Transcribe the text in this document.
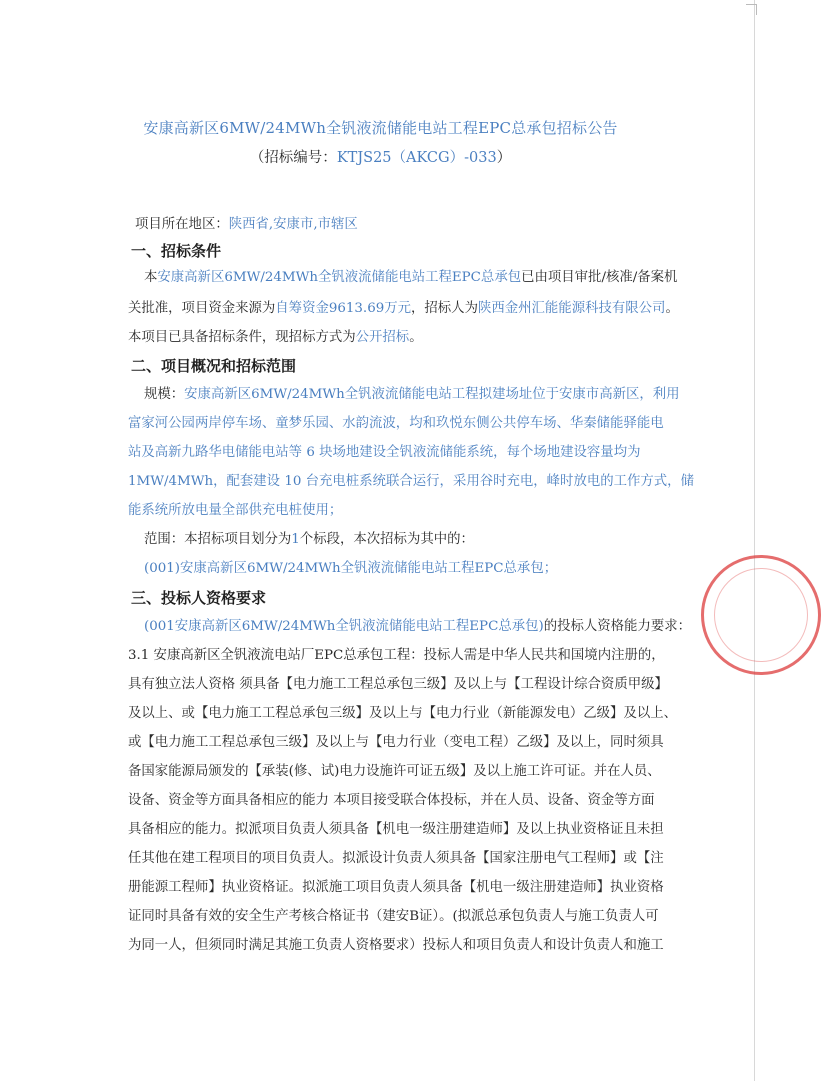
安康高新区6MW/24MWh全钒液流储能电站工程EPC总承包招标公告
（招标编号：KTJS25（AKCG）-033）
项目所在地区：陕西省,安康市,市辖区
一、招标条件
本安康高新区6MW/24MWh全钒液流储能电站工程EPC总承包已由项目审批/核准/备案机
关批准，项目资金来源为自筹资金9613.69万元，招标人为陕西金州汇能能源科技有限公司。
本项目已具备招标条件，现招标方式为公开招标。
二、项目概况和招标范围
规模：安康高新区6MW/24MWh全钒液流储能电站工程拟建场址位于安康市高新区，利用
富家河公园两岸停车场、童梦乐园、水韵流波，均和玖悦东侧公共停车场、华秦储能驿能电
站及高新九路华电储能电站等 6 块场地建设全钒液流储能系统，每个场地建设容量均为
1MW/4MWh，配套建设 10 台充电桩系统联合运行，采用谷时充电，峰时放电的工作方式，储
能系统所放电量全部供充电桩使用；
范围：本招标项目划分为1个标段，本次招标为其中的：
(001)安康高新区6MW/24MWh全钒液流储能电站工程EPC总承包；
三、投标人资格要求
(001安康高新区6MW/24MWh全钒液流储能电站工程EPC总承包)的投标人资格能力要求：
3.1 安康高新区全钒液流电站厂EPC总承包工程：投标人需是中华人民共和国境内注册的，
具有独立法人资格 须具备【电力施工工程总承包三级】及以上与【工程设计综合资质甲级】
及以上、或【电力施工工程总承包三级】及以上与【电力行业（新能源发电）乙级】及以上、
或【电力施工工程总承包三级】及以上与【电力行业（变电工程）乙级】及以上，同时须具
备国家能源局颁发的【承装(修、试)电力设施许可证五级】及以上施工许可证。并在人员、
设备、资金等方面具备相应的能力 本项目接受联合体投标，并在人员、设备、资金等方面
具备相应的能力。拟派项目负责人须具备【机电一级注册建造师】及以上执业资格证且未担
任其他在建工程项目的项目负责人。拟派设计负责人须具备【国家注册电气工程师】或【注
册能源工程师】执业资格证。拟派施工项目负责人须具备【机电一级注册建造师】执业资格
证同时具备有效的安全生产考核合格证书（建安B证）。(拟派总承包负责人与施工负责人可
为同一人，但须同时满足其施工负责人资格要求）投标人和项目负责人和设计负责人和施工
